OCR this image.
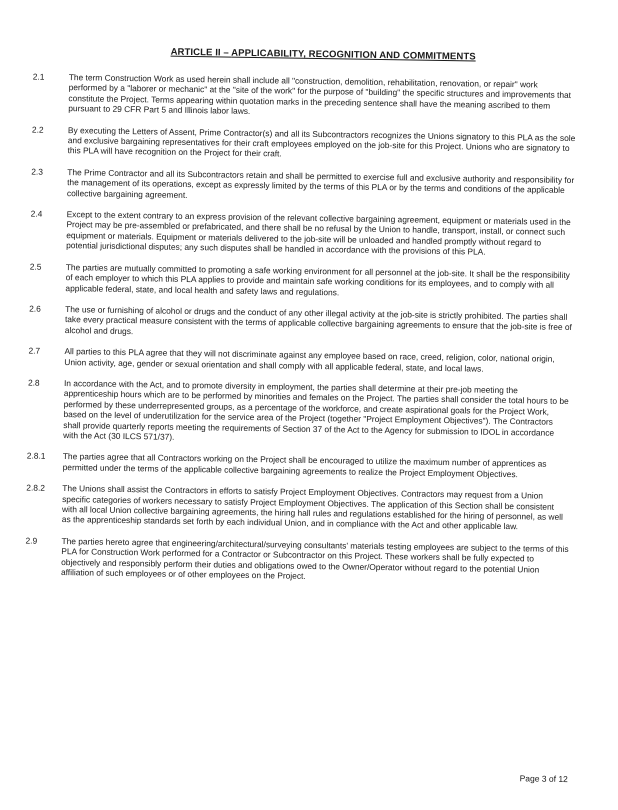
ARTICLE II – APPLICABILITY, RECOGNITION AND COMMITMENTS
2.1	The term Construction Work as used herein shall include all "construction, demolition, rehabilitation, renovation, or repair" work performed by a "laborer or mechanic" at the "site of the work" for the purpose of "building" the specific structures and improvements that constitute the Project. Terms appearing within quotation marks in the preceding sentence shall have the meaning ascribed to them pursuant to 29 CFR Part 5 and Illinois labor laws.
2.2	By executing the Letters of Assent, Prime Contractor(s) and all its Subcontractors recognizes the Unions signatory to this PLA as the sole and exclusive bargaining representatives for their craft employees employed on the job-site for this Project. Unions who are signatory to this PLA will have recognition on the Project for their craft.
2.3	The Prime Contractor and all its Subcontractors retain and shall be permitted to exercise full and exclusive authority and responsibility for the management of its operations, except as expressly limited by the terms of this PLA or by the terms and conditions of the applicable collective bargaining agreement.
2.4	Except to the extent contrary to an express provision of the relevant collective bargaining agreement, equipment or materials used in the Project may be pre-assembled or prefabricated, and there shall be no refusal by the Union to handle, transport, install, or connect such equipment or materials. Equipment or materials delivered to the job-site will be unloaded and handled promptly without regard to potential jurisdictional disputes; any such disputes shall be handled in accordance with the provisions of this PLA.
2.5	The parties are mutually committed to promoting a safe working environment for all personnel at the job-site. It shall be the responsibility of each employer to which this PLA applies to provide and maintain safe working conditions for its employees, and to comply with all applicable federal, state, and local health and safety laws and regulations.
2.6	The use or furnishing of alcohol or drugs and the conduct of any other illegal activity at the job-site is strictly prohibited. The parties shall take every practical measure consistent with the terms of applicable collective bargaining agreements to ensure that the job-site is free of alcohol and drugs.
2.7	All parties to this PLA agree that they will not discriminate against any employee based on race, creed, religion, color, national origin, Union activity, age, gender or sexual orientation and shall comply with all applicable federal, state, and local laws.
2.8	In accordance with the Act, and to promote diversity in employment, the parties shall determine at their pre-job meeting the apprenticeship hours which are to be performed by minorities and females on the Project. The parties shall consider the total hours to be performed by these underrepresented groups, as a percentage of the workforce, and create aspirational goals for the Project Work, based on the level of underutilization for the service area of the Project (together "Project Employment Objectives"). The Contractors shall provide quarterly reports meeting the requirements of Section 37 of the Act to the Agency for submission to IDOL in accordance with the Act (30 ILCS 571/37).
2.8.1	The parties agree that all Contractors working on the Project shall be encouraged to utilize the maximum number of apprentices as permitted under the terms of the applicable collective bargaining agreements to realize the Project Employment Objectives.
2.8.2	The Unions shall assist the Contractors in efforts to satisfy Project Employment Objectives. Contractors may request from a Union specific categories of workers necessary to satisfy Project Employment Objectives. The application of this Section shall be consistent with all local Union collective bargaining agreements, the hiring hall rules and regulations established for the hiring of personnel, as well as the apprenticeship standards set forth by each individual Union, and in compliance with the Act and other applicable law.
2.9	The parties hereto agree that engineering/architectural/surveying consultants' materials testing employees are subject to the terms of this PLA for Construction Work performed for a Contractor or Subcontractor on this Project. These workers shall be fully expected to objectively and responsibly perform their duties and obligations owed to the Owner/Operator without regard to the potential Union affiliation of such employees or of other employees on the Project.
Page 3 of 12
